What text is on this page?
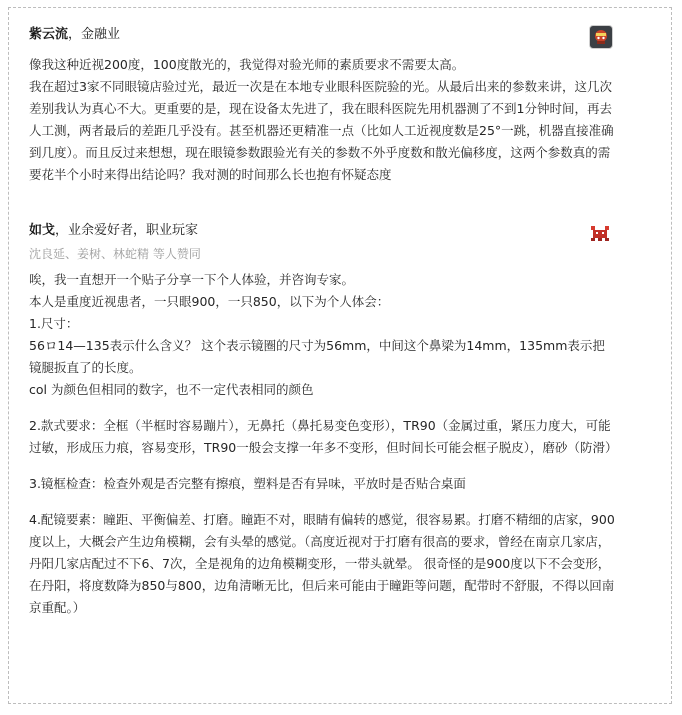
紫云流，金融业

像我这种近视200度，100度散光的，我觉得对验光师的素质要求不需要太高。

我在超过3家不同眼镜店验过光，最近一次是在本地专业眼科医院验的光。从最后出来的参数来讲，这几次差别我认为真心不大。更重要的是，现在设备太先进了，我在眼科医院先用机器测了不到1分钟时间，再去人工测，两者最后的差距几乎没有。甚至机器还更精准一点（比如人工近视度数是25°一跳，机器直接准确到几度）。而且反过来想想，现在眼镜参数跟验光有关的参数不外乎度数和散光偏移度，这两个参数真的需要花半个小时来得出结论吗？我对测的时间那么长也抱有怀疑态度

如戈，业余爱好者，职业玩家
沈良延、姜树、林蛇精 等人赞同

唉，我一直想开一个贴子分享一下个人体验，并咨询专家。

本人是重度近视患者，一只眼900，一只850，以下为个人体会：

1.尺寸：

56ロ14—135表示什么含义？ 这个表示镜圈的尺寸为56mm，中间这个鼻梁为14mm，135mm表示把镜腿扳直了的长度。

col 为颜色但相同的数字，也不一定代表相同的颜色

2.款式要求：全框（半框时容易蹦片），无鼻托（鼻托易变色变形），TR90（金属过重，紧压力度大，可能过敏，形成压力痕，容易变形，TR90一般会支撑一年多不变形，但时间长可能会框子脱皮），磨砂（防滑）

3.镜框检查：检查外观是否完整有擦痕，塑料是否有异味，平放时是否贴合桌面

4.配镜要素：瞳距、平衡偏差、打磨。瞳距不对，眼睛有偏转的感觉，很容易累。打磨不精细的店家，900度以上，大概会产生边角模糊，会有头晕的感觉。（高度近视对于打磨有很高的要求，曾经在南京几家店，丹阳几家店配过不下6、7次，全是视角的边角模糊变形，一带头就晕。 很奇怪的是900度以下不会变形，在丹阳，将度数降为850与800，边角清晰无比，但后来可能由于瞳距等问题，配带时不舒服，不得以回南京重配。）
